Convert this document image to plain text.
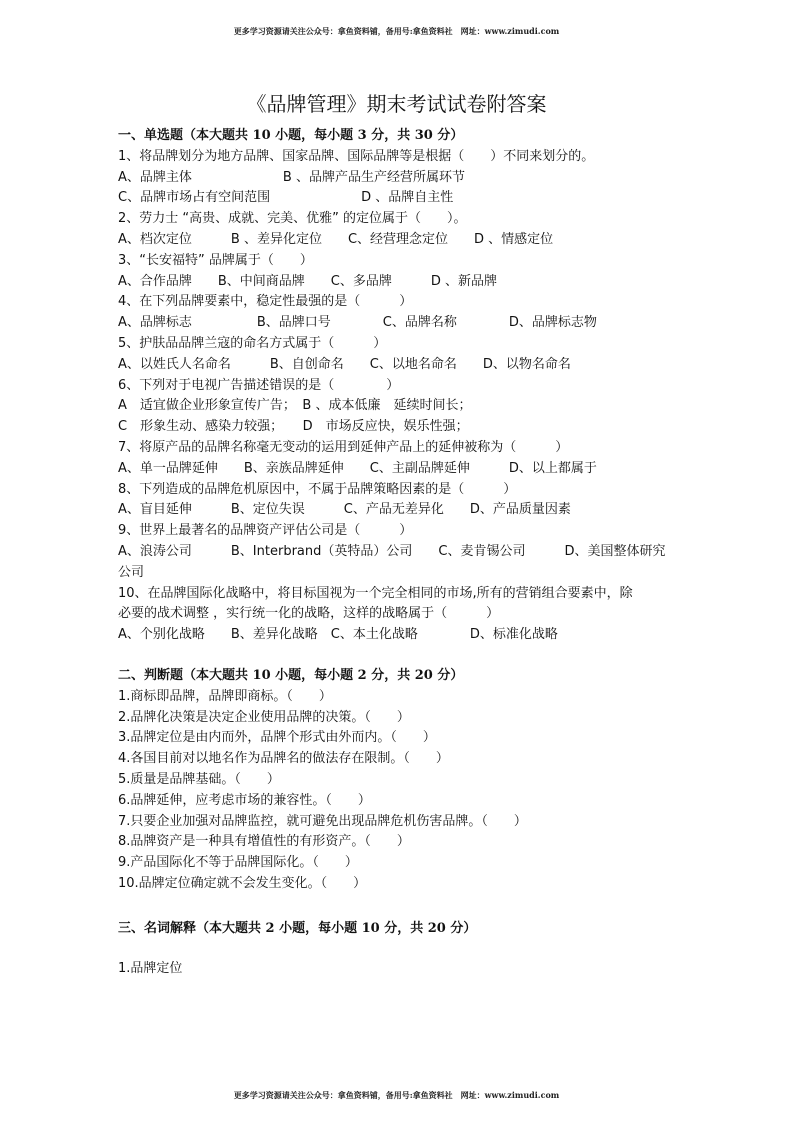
更多学习资源请关注公众号：拿鱼资料铺，备用号:拿鱼资料社　网址：www.zimudi.com
《品牌管理》期末考试试卷附答案
一、单选题（本大题共 10 小题，每小题 3 分，共 30 分）
1、将品牌划分为地方品牌、国家品牌、国际品牌等是根据（　　）不同来划分的。
A、品牌主体　　　　　　　B 、品牌产品生产经营所属环节
C、品牌市场占有空间范围　　　　　　　D 、品牌自主性
2、劳力士 “高贵、成就、完美、优雅” 的定位属于（　　）。
A、档次定位　　　B 、差异化定位　　C、经营理念定位　　D 、情感定位
3、“长安福特” 品牌属于（　　）
A、合作品牌　　B、中间商品牌　　C、多品牌　　　D 、新品牌
4、在下列品牌要素中，稳定性最强的是（　　　）
A、品牌标志　　　　　B、品牌口号　　　　C、品牌名称　　　　D、品牌标志物
5、护肤品品牌兰寇的命名方式属于（　　　）
A、以姓氏人名命名　　　B、自创命名　　C、以地名命名　　D、以物名命名
6、下列对于电视广告描述错误的是（　　　　）
A　适宜做企业形象宣传广告；　B 、成本低廉　延续时间长；
C　形象生动、感染力较强；　　D　市场反应快，娱乐性强；
7、将原产品的品牌名称毫无变动的运用到延伸产品上的延伸被称为（　　　）
A、单一品牌延伸　　B、亲族品牌延伸　　C、主副品牌延伸　　　D、以上都属于
8、下列造成的品牌危机原因中，不属于品牌策略因素的是（　　　）
A、盲目延伸　　　B、定位失误　　　C、产品无差异化　　D、产品质量因素
9、世界上最著名的品牌资产评估公司是（　　　）
A、浪涛公司　　　B、Interbrand（英特品）公司　　C、麦肯锡公司　　　D、美国整体研究
公司
10、在品牌国际化战略中，将目标国视为一个完全相同的市场,所有的营销组合要素中，除
必要的战术调整 ，实行统一化的战略，这样的战略属于（　　　）
A、个别化战略　　B、差异化战略　C、本土化战略　　　　D、标准化战略
二、判断题（本大题共 10 小题，每小题 2 分，共 20 分）
1.商标即品牌，品牌即商标。（　　）
2.品牌化决策是决定企业使用品牌的决策。（　　）
3.品牌定位是由内而外，品牌个形式由外而内。（　　）
4.各国目前对以地名作为品牌名的做法存在限制。（　　）
5.质量是品牌基础。（　　）
6.品牌延伸，应考虑市场的兼容性。（　　）
7.只要企业加强对品牌监控，就可避免出现品牌危机伤害品牌。（　　）
8.品牌资产是一种具有增值性的有形资产。（　　）
9.产品国际化不等于品牌国际化。（　　）
10.品牌定位确定就不会发生变化。（　　）
三、名词解释（本大题共 2 小题，每小题 10 分，共 20 分）
1.品牌定位
更多学习资源请关注公众号：拿鱼资料铺，备用号:拿鱼资料社　网址：www.zimudi.com
